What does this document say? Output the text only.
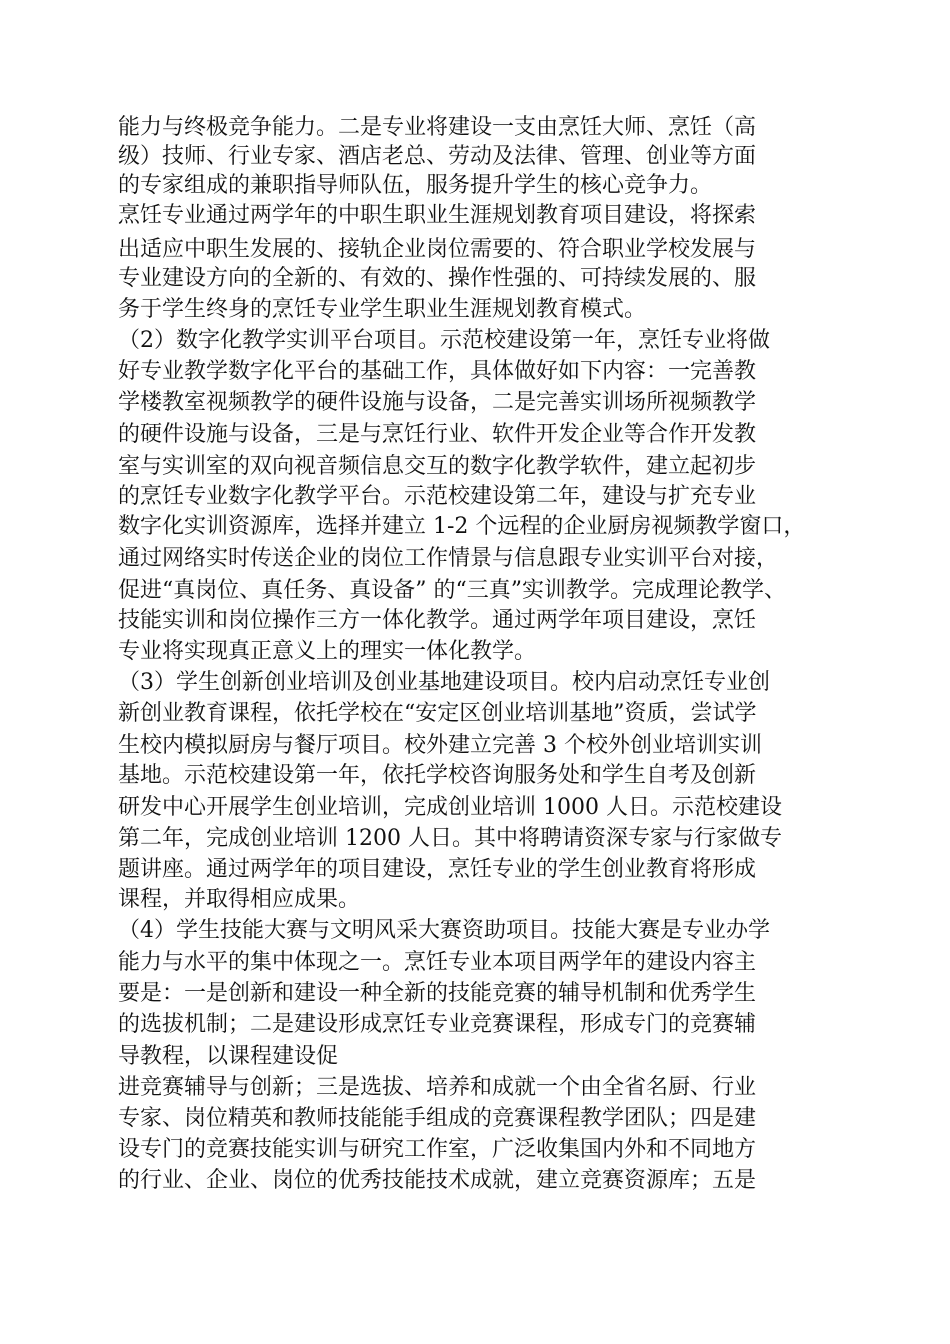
能力与终极竞争能力。二是专业将建设一支由烹饪大师、烹饪（高
级）技师、行业专家、酒店老总、劳动及法律、管理、创业等方面
的专家组成的兼职指导师队伍，服务提升学生的核心竞争力。
烹饪专业通过两学年的中职生职业生涯规划教育项目建设，将探索
出适应中职生发展的、接轨企业岗位需要的、符合职业学校发展与
专业建设方向的全新的、有效的、操作性强的、可持续发展的、服
务于学生终身的烹饪专业学生职业生涯规划教育模式。
（2）数字化教学实训平台项目。示范校建设第一年，烹饪专业将做
好专业教学数字化平台的基础工作，具体做好如下内容：一完善教
学楼教室视频教学的硬件设施与设备，二是完善实训场所视频教学
的硬件设施与设备，三是与烹饪行业、软件开发企业等合作开发教
室与实训室的双向视音频信息交互的数字化教学软件，建立起初步
的烹饪专业数字化教学平台。示范校建设第二年，建设与扩充专业
数字化实训资源库，选择并建立 1-2 个远程的企业厨房视频教学窗口，
通过网络实时传送企业的岗位工作情景与信息跟专业实训平台对接，
促进“真岗位、真任务、真设备” 的“三真”实训教学。完成理论教学、
技能实训和岗位操作三方一体化教学。通过两学年项目建设，烹饪
专业将实现真正意义上的理实一体化教学。
（3）学生创新创业培训及创业基地建设项目。校内启动烹饪专业创
新创业教育课程，依托学校在“安定区创业培训基地”资质，尝试学
生校内模拟厨房与餐厅项目。校外建立完善 3 个校外创业培训实训
基地。示范校建设第一年，依托学校咨询服务处和学生自考及创新
研发中心开展学生创业培训，完成创业培训 1000 人日。示范校建设
第二年，完成创业培训 1200 人日。其中将聘请资深专家与行家做专
题讲座。通过两学年的项目建设，烹饪专业的学生创业教育将形成
课程，并取得相应成果。
（4）学生技能大赛与文明风采大赛资助项目。技能大赛是专业办学
能力与水平的集中体现之一。烹饪专业本项目两学年的建设内容主
要是：一是创新和建设一种全新的技能竞赛的辅导机制和优秀学生
的选拔机制；二是建设形成烹饪专业竞赛课程，形成专门的竞赛辅
导教程，以课程建设促
进竞赛辅导与创新；三是选拔、培养和成就一个由全省名厨、行业
专家、岗位精英和教师技能能手组成的竞赛课程教学团队；四是建
设专门的竞赛技能实训与研究工作室，广泛收集国内外和不同地方
的行业、企业、岗位的优秀技能技术成就，建立竞赛资源库；五是
